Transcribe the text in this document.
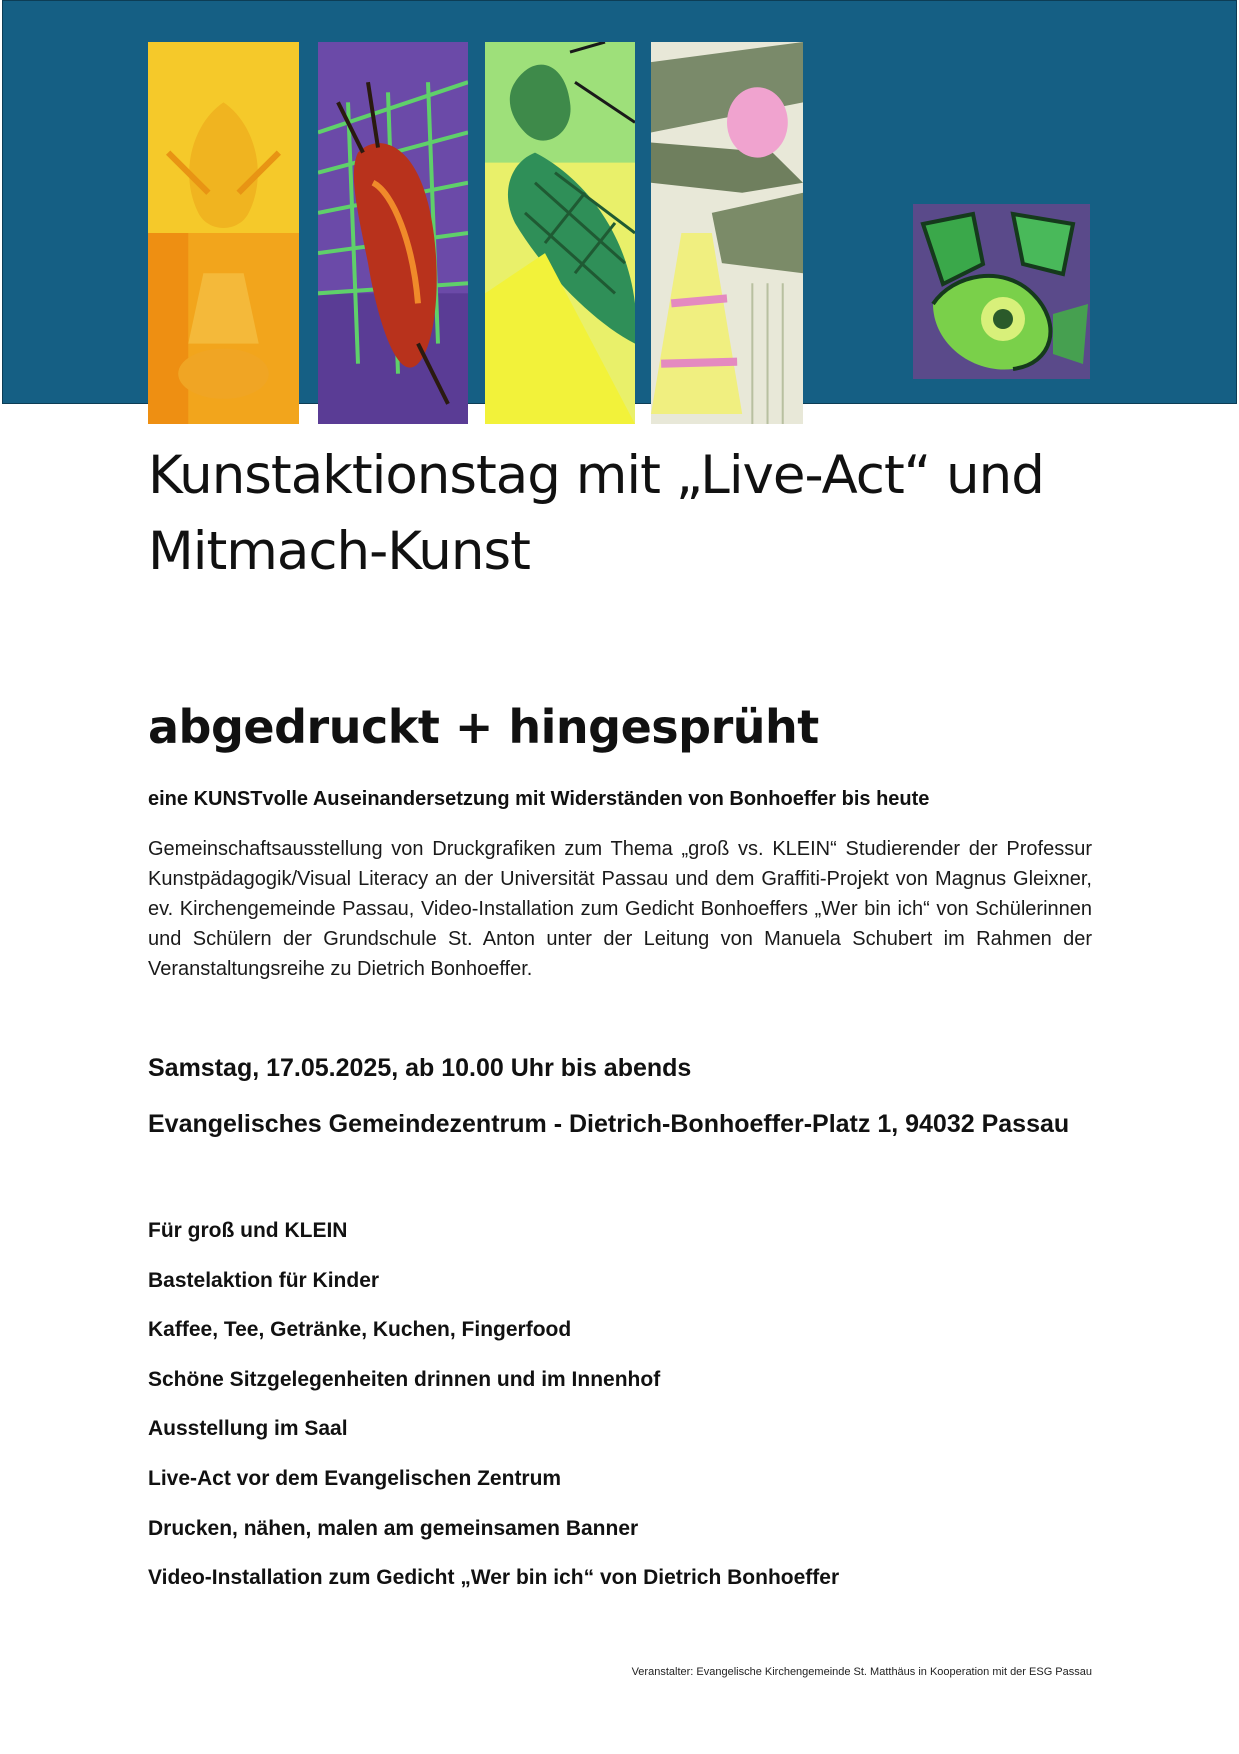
Kunstaktionstag mit „Live-Act“ und Mitmach-Kunst
abgedruckt + hingesprüht

eine KUNSTvolle Auseinandersetzung mit Widerständen von Bonhoeffer bis heute

Gemeinschaftsausstellung von Druckgrafiken zum Thema „groß vs. KLEIN“ Studierender der Professur Kunstpädagogik/Visual Literacy an der Universität Passau und dem Graffiti-Projekt von Magnus Gleixner, ev. Kirchengemeinde Passau, Video-Installation zum Gedicht Bonhoeffers „Wer bin ich“ von Schülerinnen und Schülern der Grundschule St. Anton unter der Leitung von Manuela Schubert im Rahmen der Veranstaltungsreihe zu Dietrich Bonhoeffer.

Samstag, 17.05.2025, ab 10.00 Uhr bis abends

Evangelisches Gemeindezentrum - Dietrich-Bonhoeffer-Platz 1, 94032 Passau

Für groß und KLEIN
Bastelaktion für Kinder
Kaffee, Tee, Getränke, Kuchen, Fingerfood
Schöne Sitzgelegenheiten drinnen und im Innenhof
Ausstellung im Saal
Live-Act vor dem Evangelischen Zentrum
Drucken, nähen, malen am gemeinsamen Banner
Video-Installation zum Gedicht „Wer bin ich“ von Dietrich Bonhoeffer

Veranstalter: Evangelische Kirchengemeinde St. Matthäus in Kooperation mit der ESG Passau
